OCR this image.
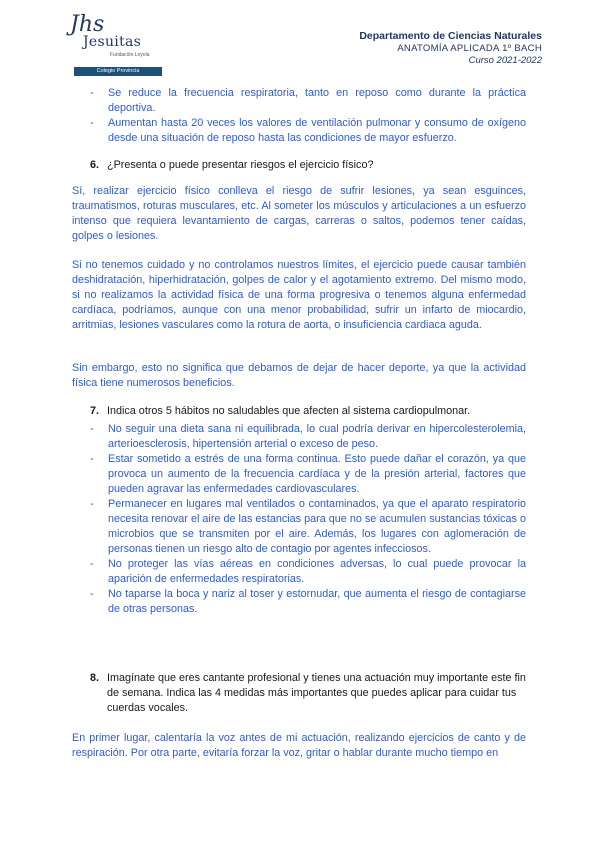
Jhs
Jesuitas
Fundación Loyola
Colegio Provincia
Departamento de Ciencias Naturales
ANATOMÍA APLICADA 1º BACH
Curso 2021-2022
- Se reduce la frecuencia respiratoria, tanto en reposo como durante la práctica deportiva.
- Aumentan hasta 20 veces los valores de ventilación pulmonar y consumo de oxígeno desde una situación de reposo hasta las condiciones de mayor esfuerzo.
6. ¿Presenta o puede presentar riesgos el ejercicio físico?
Sí, realizar ejercicio físico conlleva el riesgo de sufrir lesiones, ya sean esguinces, traumatismos, roturas musculares, etc. Al someter los músculos y articulaciones a un esfuerzo intenso que requiera levantamiento de cargas, carreras o saltos, podemos tener caídas, golpes o lesiones.
Si no tenemos cuidado y no controlamos nuestros límites, el ejercicio puede causar también deshidratación, hiperhidratación, golpes de calor y el agotamiento extremo. Del mismo modo, si no realizamos la actividad física de una forma progresiva o tenemos alguna enfermedad cardíaca, podríamos, aunque con una menor probabilidad, sufrir un infarto de miocardio, arritmias, lesiones vasculares como la rotura de aorta, o insuficiencia cardiaca aguda.
Sin embargo, esto no significa que debamos de dejar de hacer deporte, ya que la actividad física tiene numerosos beneficios.
7. Indica otros 5 hábitos no saludables que afecten al sistema cardiopulmonar.
- No seguir una dieta sana ni equilibrada, lo cual podría derivar en hipercolesterolemia, arterioesclerosis, hipertensión arterial o exceso de peso.
- Estar sometido a estrés de una forma continua. Esto puede dañar el corazón, ya que provoca un aumento de la frecuencia cardíaca y de la presión arterial, factores que pueden agravar las enfermedades cardiovasculares.
- Permanecer en lugares mal ventilados o contaminados, ya que el aparato respiratorio necesita renovar el aire de las estancias para que no se acumulen sustancias tóxicas o microbios que se transmiten por el aire. Además, los lugares con aglomeración de personas tienen un riesgo alto de contagio por agentes infecciosos.
- No proteger las vías aéreas en condiciones adversas, lo cual puede provocar la aparición de enfermedades respiratorias.
- No taparse la boca y nariz al toser y estornudar, que aumenta el riesgo de contagiarse de otras personas.
8. Imagínate que eres cantante profesional y tienes una actuación muy importante este fin de semana. Indica las 4 medidas más importantes que puedes aplicar para cuidar tus cuerdas vocales.
En primer lugar, calentaría la voz antes de mi actuación, realizando ejercicios de canto y de respiración. Por otra parte, evitaría forzar la voz, gritar o hablar durante mucho tiempo en
